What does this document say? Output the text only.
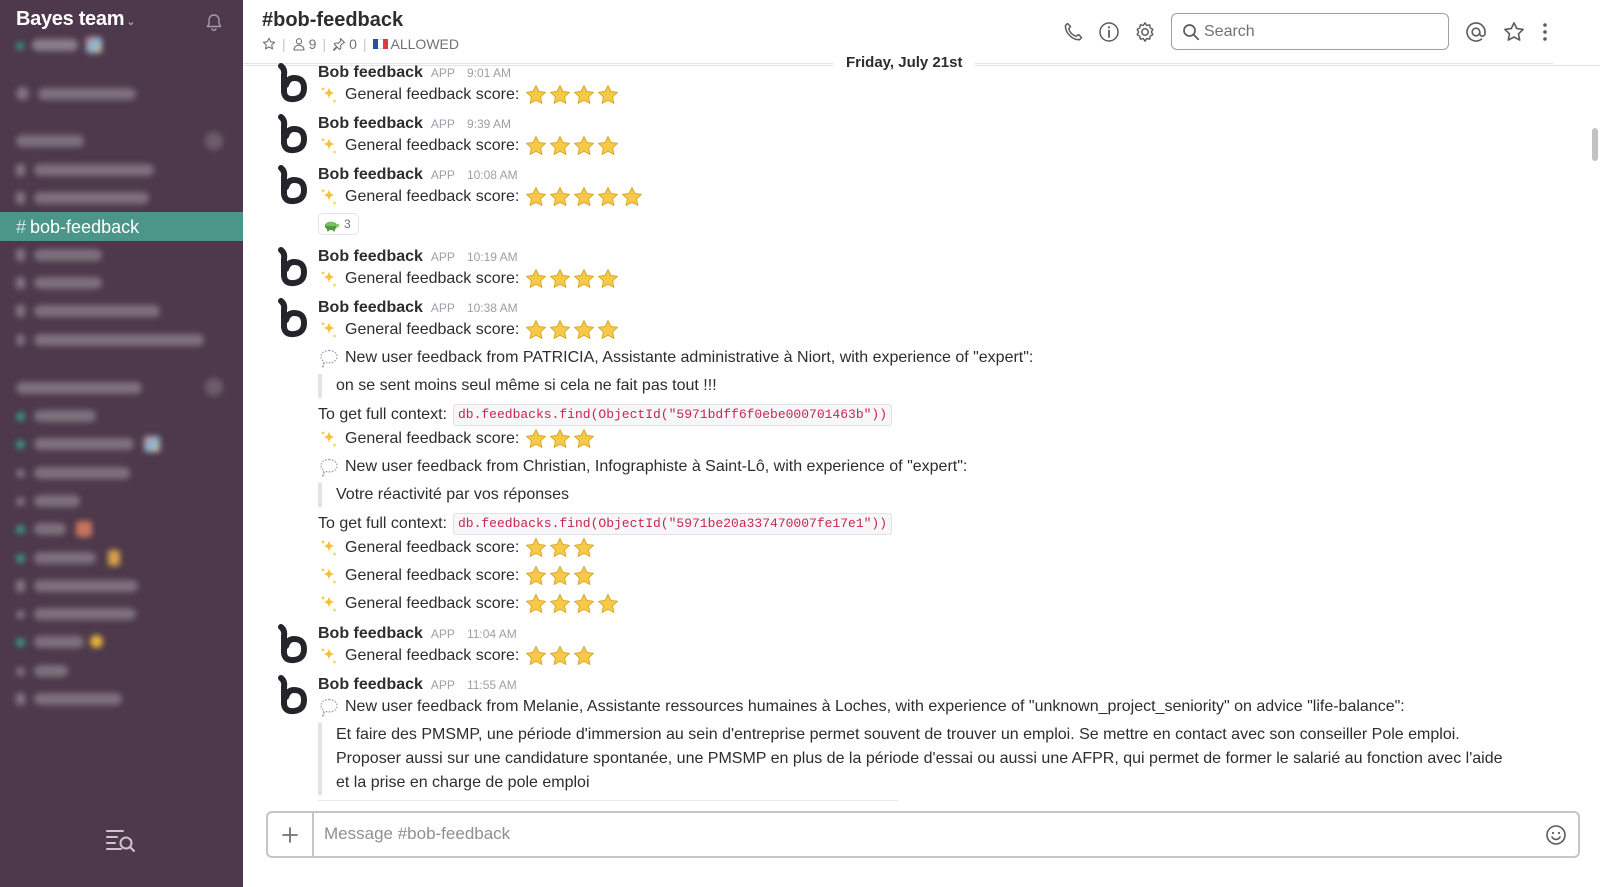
Bayes team ⌄
# bob-feedback
#bob-feedback
| 9 | 0 | ALLOWED
Search
Friday, July 21st
Bob feedback APP 9:01 AM
General feedback score:
Bob feedback APP 9:39 AM
General feedback score:
Bob feedback APP 10:08 AM
General feedback score:
3
Bob feedback APP 10:19 AM
General feedback score:
Bob feedback APP 10:38 AM
General feedback score:
New user feedback from PATRICIA, Assistante administrative à Niort, with experience of "expert":
on se sent moins seul même si cela ne fait pas tout !!!
To get full context: db.feedbacks.find(ObjectId("5971bdff6f0ebe000701463b"))
General feedback score:
New user feedback from Christian, Infographiste à Saint-Lô, with experience of "expert":
Votre réactivité par vos réponses
To get full context: db.feedbacks.find(ObjectId("5971be20a337470007fe17e1"))
General feedback score:
General feedback score:
General feedback score:
Bob feedback APP 11:04 AM
General feedback score:
Bob feedback APP 11:55 AM
New user feedback from Melanie, Assistante ressources humaines à Loches, with experience of "unknown_project_seniority" on advice "life-balance":
Et faire des PMSMP, une période d'immersion au sein d'entreprise permet souvent de trouver un emploi. Se mettre en contact avec son conseiller Pole emploi.
Proposer aussi sur une candidature spontanée, une PMSMP en plus de la période d'essai ou aussi une AFPR, qui permet de former le salarié au fonction avec l'aide
et la prise en charge de pole emploi
Message #bob-feedback
